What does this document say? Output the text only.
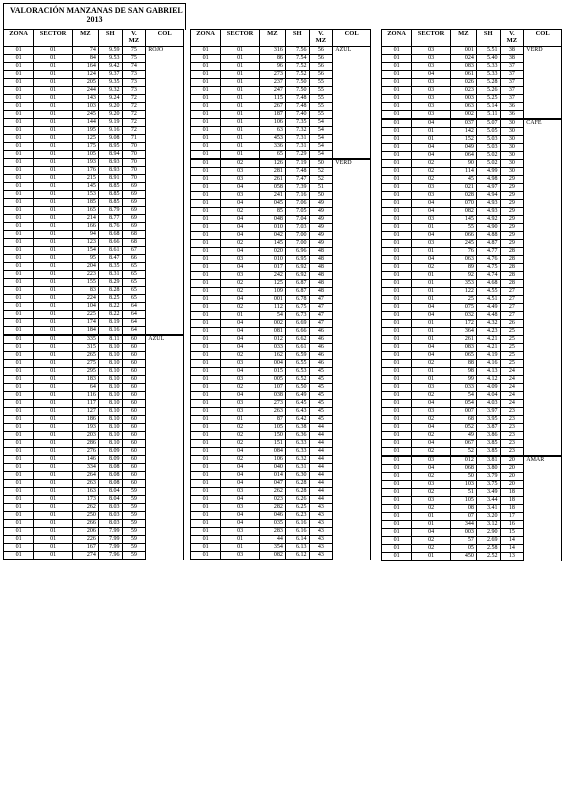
VALORACIÓN MANZANAS DE SAN GABRIEL
2013
ZONA	SECTOR	MZ	SH	V.
MZ	COL
01	01	74	9.59	75	ROJO
01	01	84	9.53	75	
01	01	164	9.42	74	
01	01	124	9.37	73	
01	01	205	9.35	73	
01	01	244	9.32	73	
01	01	143	9.24	72	
01	01	103	9.20	72	
01	01	245	9.20	72	
01	01	144	9.19	72	
01	01	195	9.16	72	
01	01	125	9.08	71	
01	01	175	8.95	70	
01	01	105	8.94	70	
01	01	193	8.93	70	
01	01	176	8.93	70	
01	01	215	8.91	70	
01	01	145	8.85	69	
01	01	153	8.85	69	
01	01	185	8.85	69	
01	01	165	8.79	69	
01	01	214	8.77	69	
01	01	166	8.76	69	
01	01	94	8.68	68	
01	01	123	8.66	68	
01	01	154	8.61	67	
01	01	95	8.47	66	
01	01	204	8.35	65	
01	01	223	8.31	65	
01	01	155	8.29	65	
01	01	83	8.28	65	
01	01	224	8.25	65	
01	01	104	8.22	64	
01	01	225	8.22	64	
01	01	174	8.19	64	
01	01	184	8.16	64	
01	01	335	8.11	60	AZUL
01	01	315	8.10	60	
01	01	265	8.10	60	
01	01	275	8.10	60	
01	01	295	8.10	60	
01	01	183	8.10	60	
01	01	64	8.10	60	
01	01	116	8.10	60	
01	01	117	8.10	60	
01	01	127	8.10	60	
01	01	186	8.10	60	
01	01	193	8.10	60	
01	01	203	8.10	60	
01	01	286	8.10	60	
01	01	276	8.09	60	
01	01	146	8.09	60	
01	01	334	8.08	60	
01	01	264	8.08	60	
01	01	263	8.08	60	
01	01	163	8.04	59	
01	01	173	8.04	59	
01	01	262	8.03	59	
01	01	250	8.03	59	
01	01	266	8.03	59	
01	01	206	7.99	59	
01	01	226	7.99	59	
01	01	167	7.99	59	
01	01	274	7.96	59	
ZONA	SECTOR	MZ	SH	V.
MZ	COL
01	01	316	7.56	56	AZUL
01	01	86	7.54	56	
01	01	96	7.52	56	
01	01	273	7.52	56	
01	01	237	7.50	55	
01	01	247	7.50	55	
01	01	115	7.48	55	
01	01	267	7.48	55	
01	01	187	7.40	55	
01	01	106	7.35	54	
01	01	63	7.32	54	
01	01	453	7.31	54	
01	01	336	7.31	54	
01	01	65	7.29	54	
01	02	126	7.19	50	VERD
01	03	281	7.48	52	
01	03	261	7.47	52	
01	04	058	7.39	51	
01	03	241	7.16	50	
01	04	045	7.06	49	
01	02	85	7.05	49	
01	04	048	7.04	49	
01	04	010	7.03	49	
01	04	042	7.00	49	
01	02	145	7.00	49	
01	04	020	6.96	48	
01	03	010	6.95	48	
01	04	017	6.92	48	
01	03	242	6.92	48	
01	02	125	6.87	48	
01	02	109	6.87	48	
01	04	001	6.78	47	
01	02	112	6.75	47	
01	01	54	6.73	47	
01	04	002	6.69	47	
01	04	081	6.66	46	
01	04	012	6.62	46	
01	04	033	6.61	46	
01	02	162	6.59	46	
01	03	004	6.55	46	
01	04	015	6.53	45	
01	03	005	6.52	45	
01	02	107	6.50	45	
01	04	038	6.49	45	
01	03	273	6.45	45	
01	03	263	6.43	45	
01	01	87	6.42	45	
01	02	105	6.38	44	
01	02	150	6.36	44	
01	02	151	6.33	44	
01	04	084	6.33	44	
01	02	106	6.32	44	
01	04	040	6.31	44	
01	04	014	6.30	44	
01	04	047	6.28	44	
01	03	262	6.28	44	
01	04	023	6.26	44	
01	03	282	6.25	43	
01	04	046	6.23	43	
01	04	035	6.16	43	
01	03	283	6.16	43	
01	01	44	6.14	43	
01	01	354	6.13	43	
01	03	082	6.12	43	
ZONA	SECTOR	MZ	SH	V.
MZ	COL
01	03	001	5.51	38	VERD
01	03	024	5.40	38	
01	03	083	5.33	37	
01	04	061	5.33	37	
01	03	026	5.28	37	
01	03	023	5.26	37	
01	03	003	5.25	37	
01	03	063	5.14	36	
01	03	002	5.11	36	
01	04	037	5.07	30	CAFÉ
01	01	142	5.05	30	
01	01	152	5.03	30	
01	04	049	5.03	30	
01	04	064	5.02	30	
01	02	90	5.02	30	
01	02	114	4.99	30	
01	02	45	4.98	29	
01	03	021	4.97	29	
01	03	028	4.94	29	
01	04	070	4.93	29	
01	04	082	4.93	29	
01	03	145	4.92	29	
01	01	55	4.90	29	
01	04	066	4.88	29	
01	03	245	4.87	29	
01	01	76	4.77	28	
01	04	063	4.76	28	
01	02	89	4.75	28	
01	01	92	4.74	28	
01	01	353	4.68	28	
01	01	122	4.55	27	
01	01	25	4.51	27	
01	04	075	4.49	27	
01	04	032	4.48	27	
01	01	172	4.32	26	
01	01	364	4.23	25	
01	01	261	4.21	25	
01	04	083	4.21	25	
01	04	065	4.19	25	
01	02	88	4.16	25	
01	01	98	4.13	24	
01	01	99	4.12	24	
01	03	033	4.09	24	
01	02	54	4.04	24	
01	04	054	4.03	24	
01	03	007	3.97	23	
01	02	68	3.95	23	
01	04	052	3.87	23	
01	02	49	3.86	23	
01	04	067	3.85	23	
01	02	52	3.85	23	
01	03	012	3.81	20	AMAR
01	04	068	3.80	20	
01	02	50	3.79	20	
01	03	103	3.75	20	
01	02	51	3.49	18	
01	03	105	3.44	18	
01	02	08	3.41	18	
01	01	07	3.20	17	
01	01	344	3.12	16	
01	04	003	2.90	15	
01	02	57	2.69	14	
01	02	05	2.58	14	
01	01	450	2.52	13	
